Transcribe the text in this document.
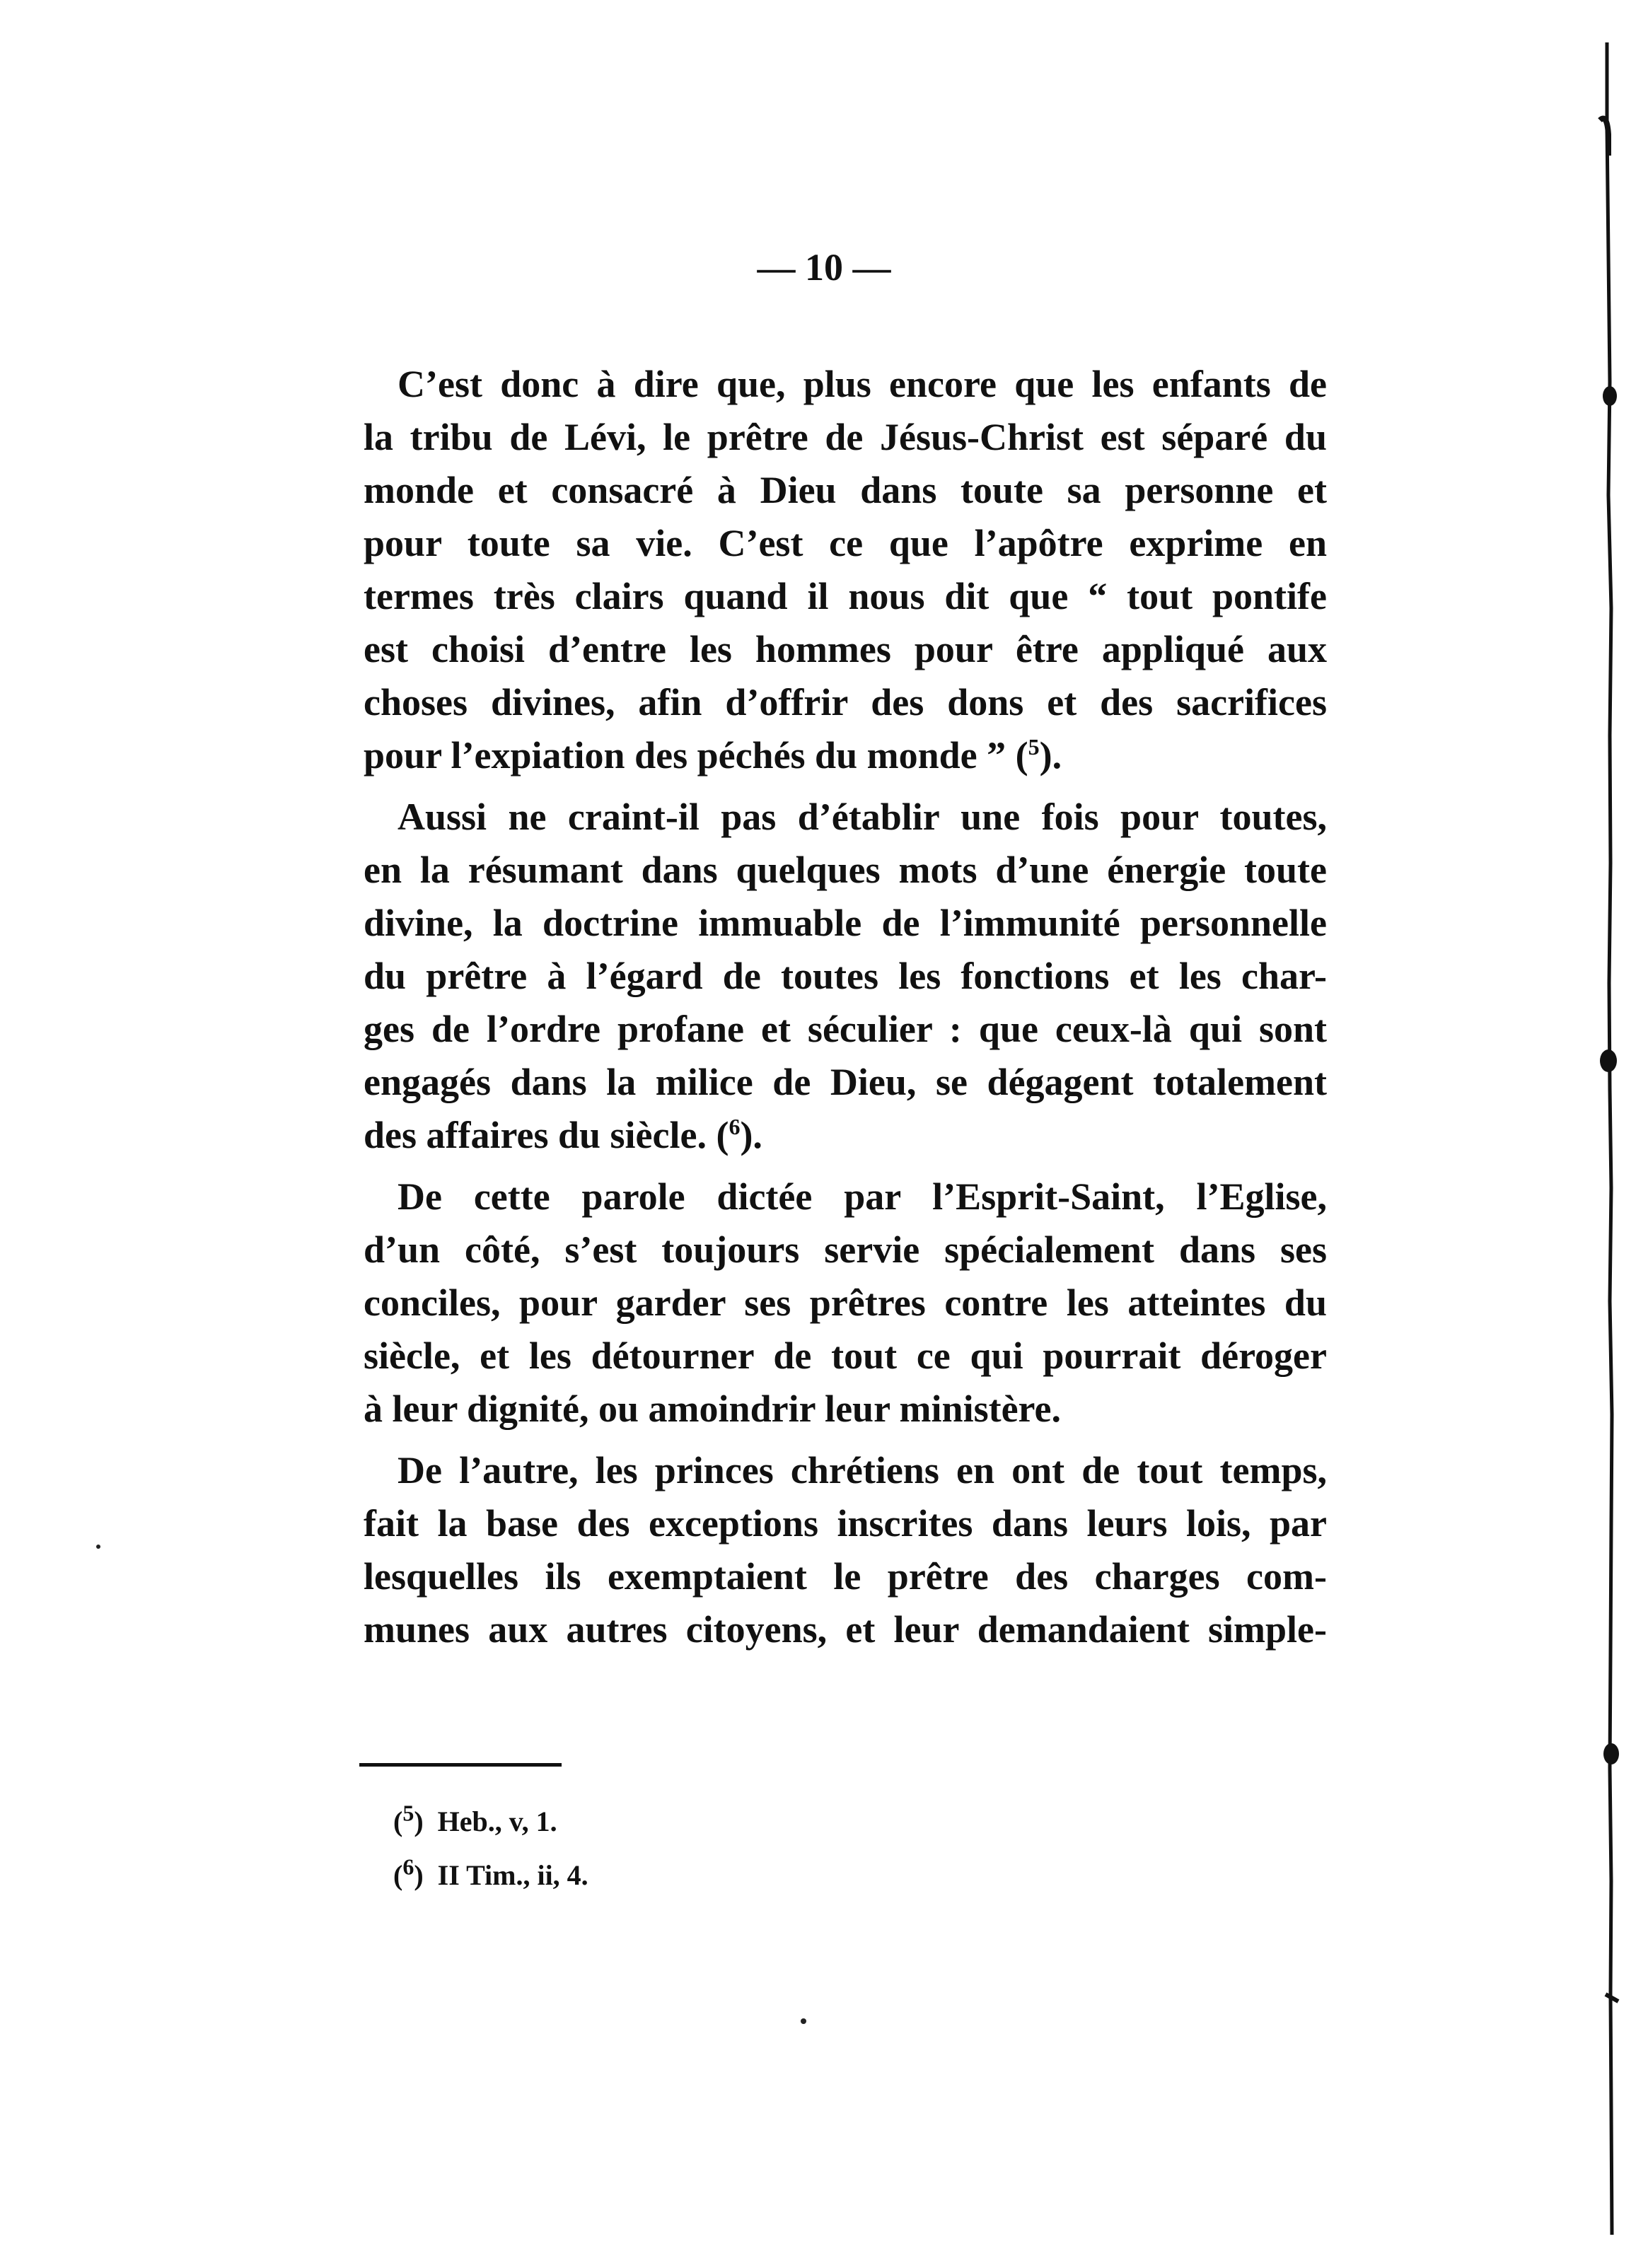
— 10 —
C’est donc à dire que, plus encore que les enfants de
la tribu de Lévi, le prêtre de Jésus-Christ est séparé du
monde et consacré à Dieu dans toute sa personne et
pour toute sa vie. C’est ce que l’apôtre exprime en
termes très clairs quand il nous dit que “ tout pontife
est choisi d’entre les hommes pour être appliqué aux
choses divines, afin d’offrir des dons et des sacrifices
pour l’expiation des péchés du monde ” ($^5$).
Aussi ne craint-il pas d’établir une fois pour toutes,
en la résumant dans quelques mots d’une énergie toute
divine, la doctrine immuable de l’immunité personnelle
du prêtre à l’égard de toutes les fonctions et les char-
ges de l’ordre profane et séculier : que ceux-là qui sont
engagés dans la milice de Dieu, se dégagent totalement
des affaires du siècle. ($^6$).
De cette parole dictée par l’Esprit-Saint, l’Eglise,
d’un côté, s’est toujours servie spécialement dans ses
conciles, pour garder ses prêtres contre les atteintes du
siècle, et les détourner de tout ce qui pourrait déroger
à leur dignité, ou amoindrir leur ministère.
De l’autre, les princes chrétiens en ont de tout temps,
fait la base des exceptions inscrites dans leurs lois, par
lesquelles ils exemptaient le prêtre des charges com-
munes aux autres citoyens, et leur demandaient simple-
($^5$)  Heb., v, 1.
($^6$)  II Tim., ii, 4.
